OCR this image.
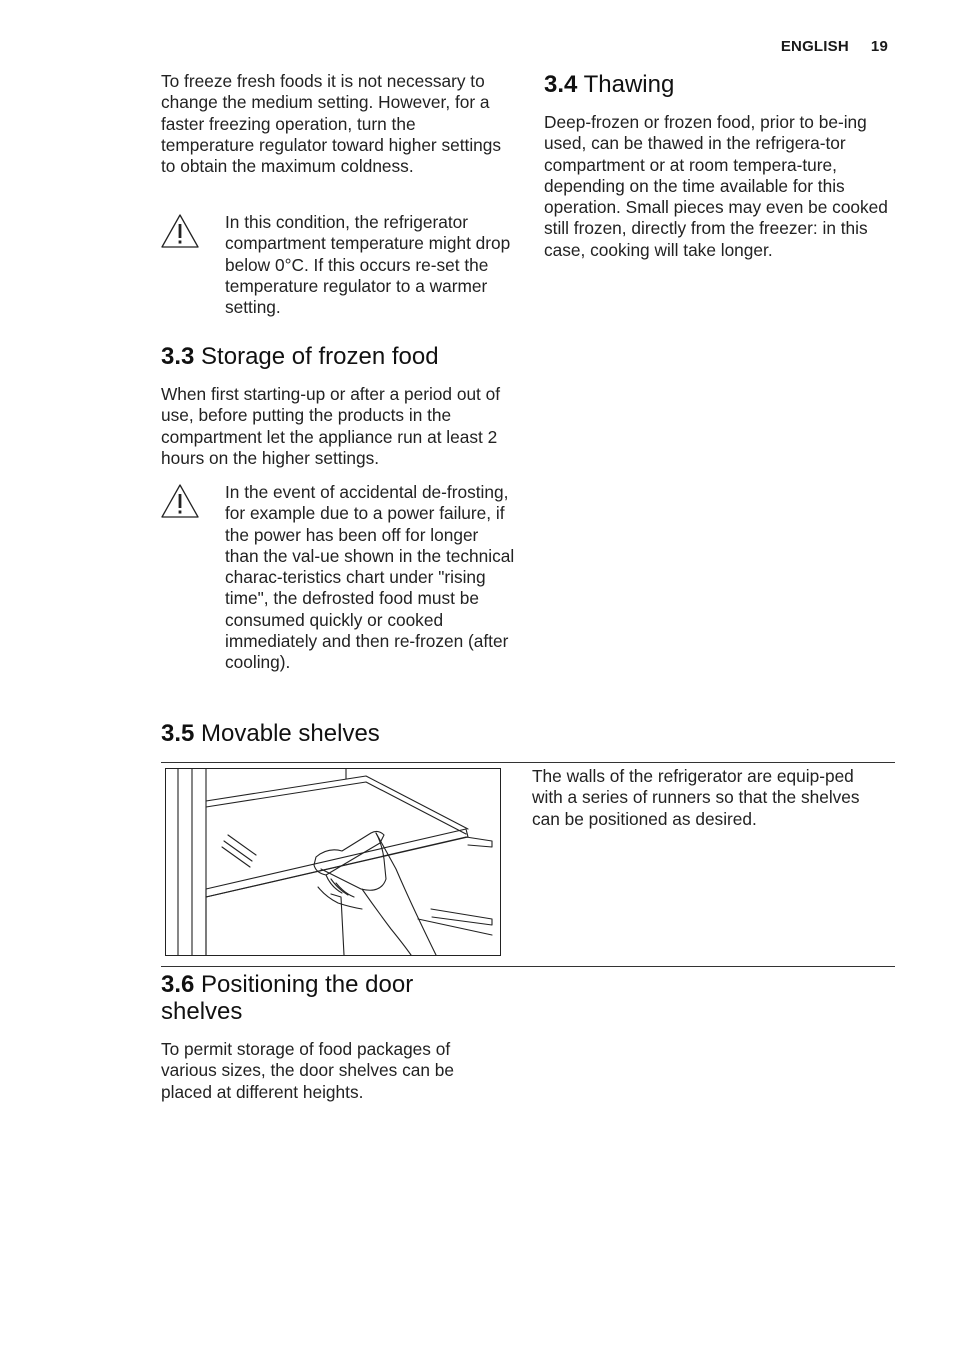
ENGLISH 19

To freeze fresh foods it is not necessary to change the medium setting. However, for a faster freezing operation, turn the temperature regulator toward higher settings to obtain the maximum coldness.

In this condition, the refrigerator compartment temperature might drop below 0°C. If this occurs re-set the temperature regulator to a warmer setting.

3.3 Storage of frozen food

When first starting-up or after a period out of use, before putting the products in the compartment let the appliance run at least 2 hours on the higher settings.

In the event of accidental de-frosting, for example due to a power failure, if the power has been off for longer than the val-ue shown in the technical charac-teristics chart under "rising time", the defrosted food must be consumed quickly or cooked immediately and then re-frozen (after cooling).

3.4 Thawing

Deep-frozen or frozen food, prior to be-ing used, can be thawed in the refrigera-tor compartment or at room tempera-ture, depending on the time available for this operation. Small pieces may even be cooked still frozen, directly from the freezer: in this case, cooking will take longer.

3.5 Movable shelves

The walls of the refrigerator are equip-ped with a series of runners so that the shelves can be positioned as desired.

3.6 Positioning the door
shelves

To permit storage of food packages of various sizes, the door shelves can be placed at different heights.
